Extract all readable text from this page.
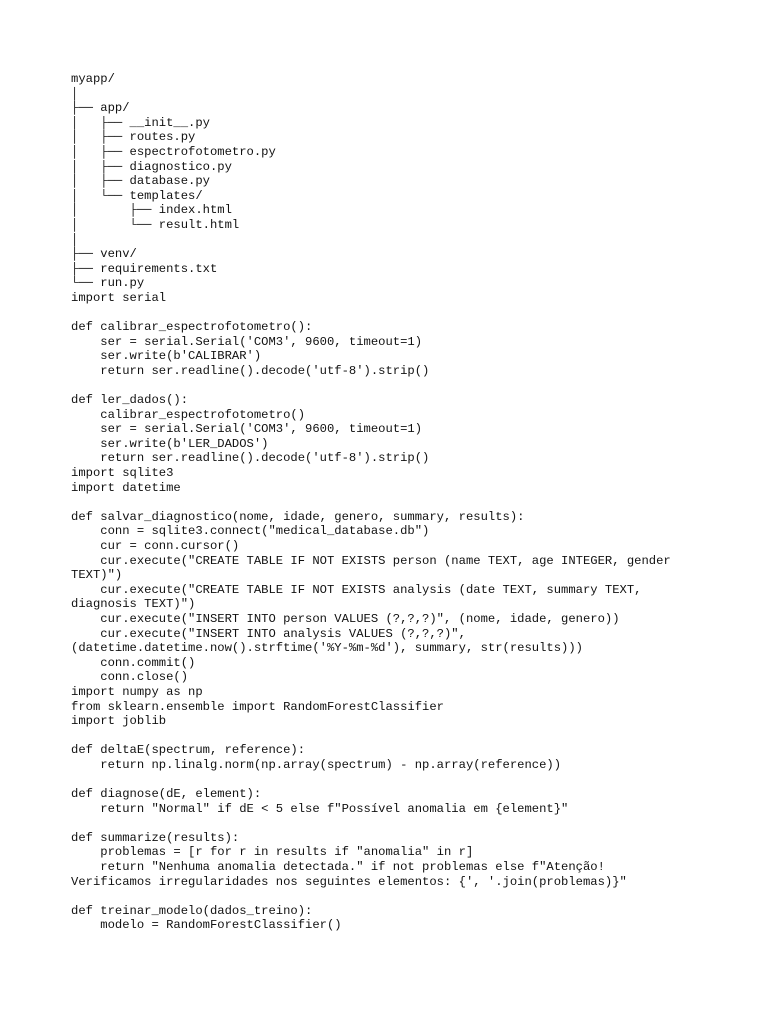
myapp/
│
├── app/
│   ├── __init__.py
│   ├── routes.py
│   ├── espectrofotometro.py
│   ├── diagnostico.py
│   ├── database.py
│   └── templates/
│       ├── index.html
│       └── result.html
│
├── venv/
├── requirements.txt
└── run.py
import serial
def calibrar_espectrofotometro():
ser = serial.Serial('COM3', 9600, timeout=1)
ser.write(b'CALIBRAR')
return ser.readline().decode('utf-8').strip()
def ler_dados():
calibrar_espectrofotometro()
ser = serial.Serial('COM3', 9600, timeout=1)
ser.write(b'LER_DADOS')
return ser.readline().decode('utf-8').strip()
import sqlite3
import datetime
def salvar_diagnostico(nome, idade, genero, summary, results):
conn = sqlite3.connect("medical_database.db")
cur = conn.cursor()
cur.execute("CREATE TABLE IF NOT EXISTS person (name TEXT, age INTEGER, gender
TEXT)")
cur.execute("CREATE TABLE IF NOT EXISTS analysis (date TEXT, summary TEXT,
diagnosis TEXT)")
cur.execute("INSERT INTO person VALUES (?,?,?)", (nome, idade, genero))
cur.execute("INSERT INTO analysis VALUES (?,?,?)",
(datetime.datetime.now().strftime('%Y-%m-%d'), summary, str(results)))
conn.commit()
conn.close()
import numpy as np
from sklearn.ensemble import RandomForestClassifier
import joblib
def deltaE(spectrum, reference):
return np.linalg.norm(np.array(spectrum) - np.array(reference))
def diagnose(dE, element):
return "Normal" if dE < 5 else f"Possível anomalia em {element}"
def summarize(results):
problemas = [r for r in results if "anomalia" in r]
return "Nenhuma anomalia detectada." if not problemas else f"Atenção!
Verificamos irregularidades nos seguintes elementos: {', '.join(problemas)}"
def treinar_modelo(dados_treino):
modelo = RandomForestClassifier()
